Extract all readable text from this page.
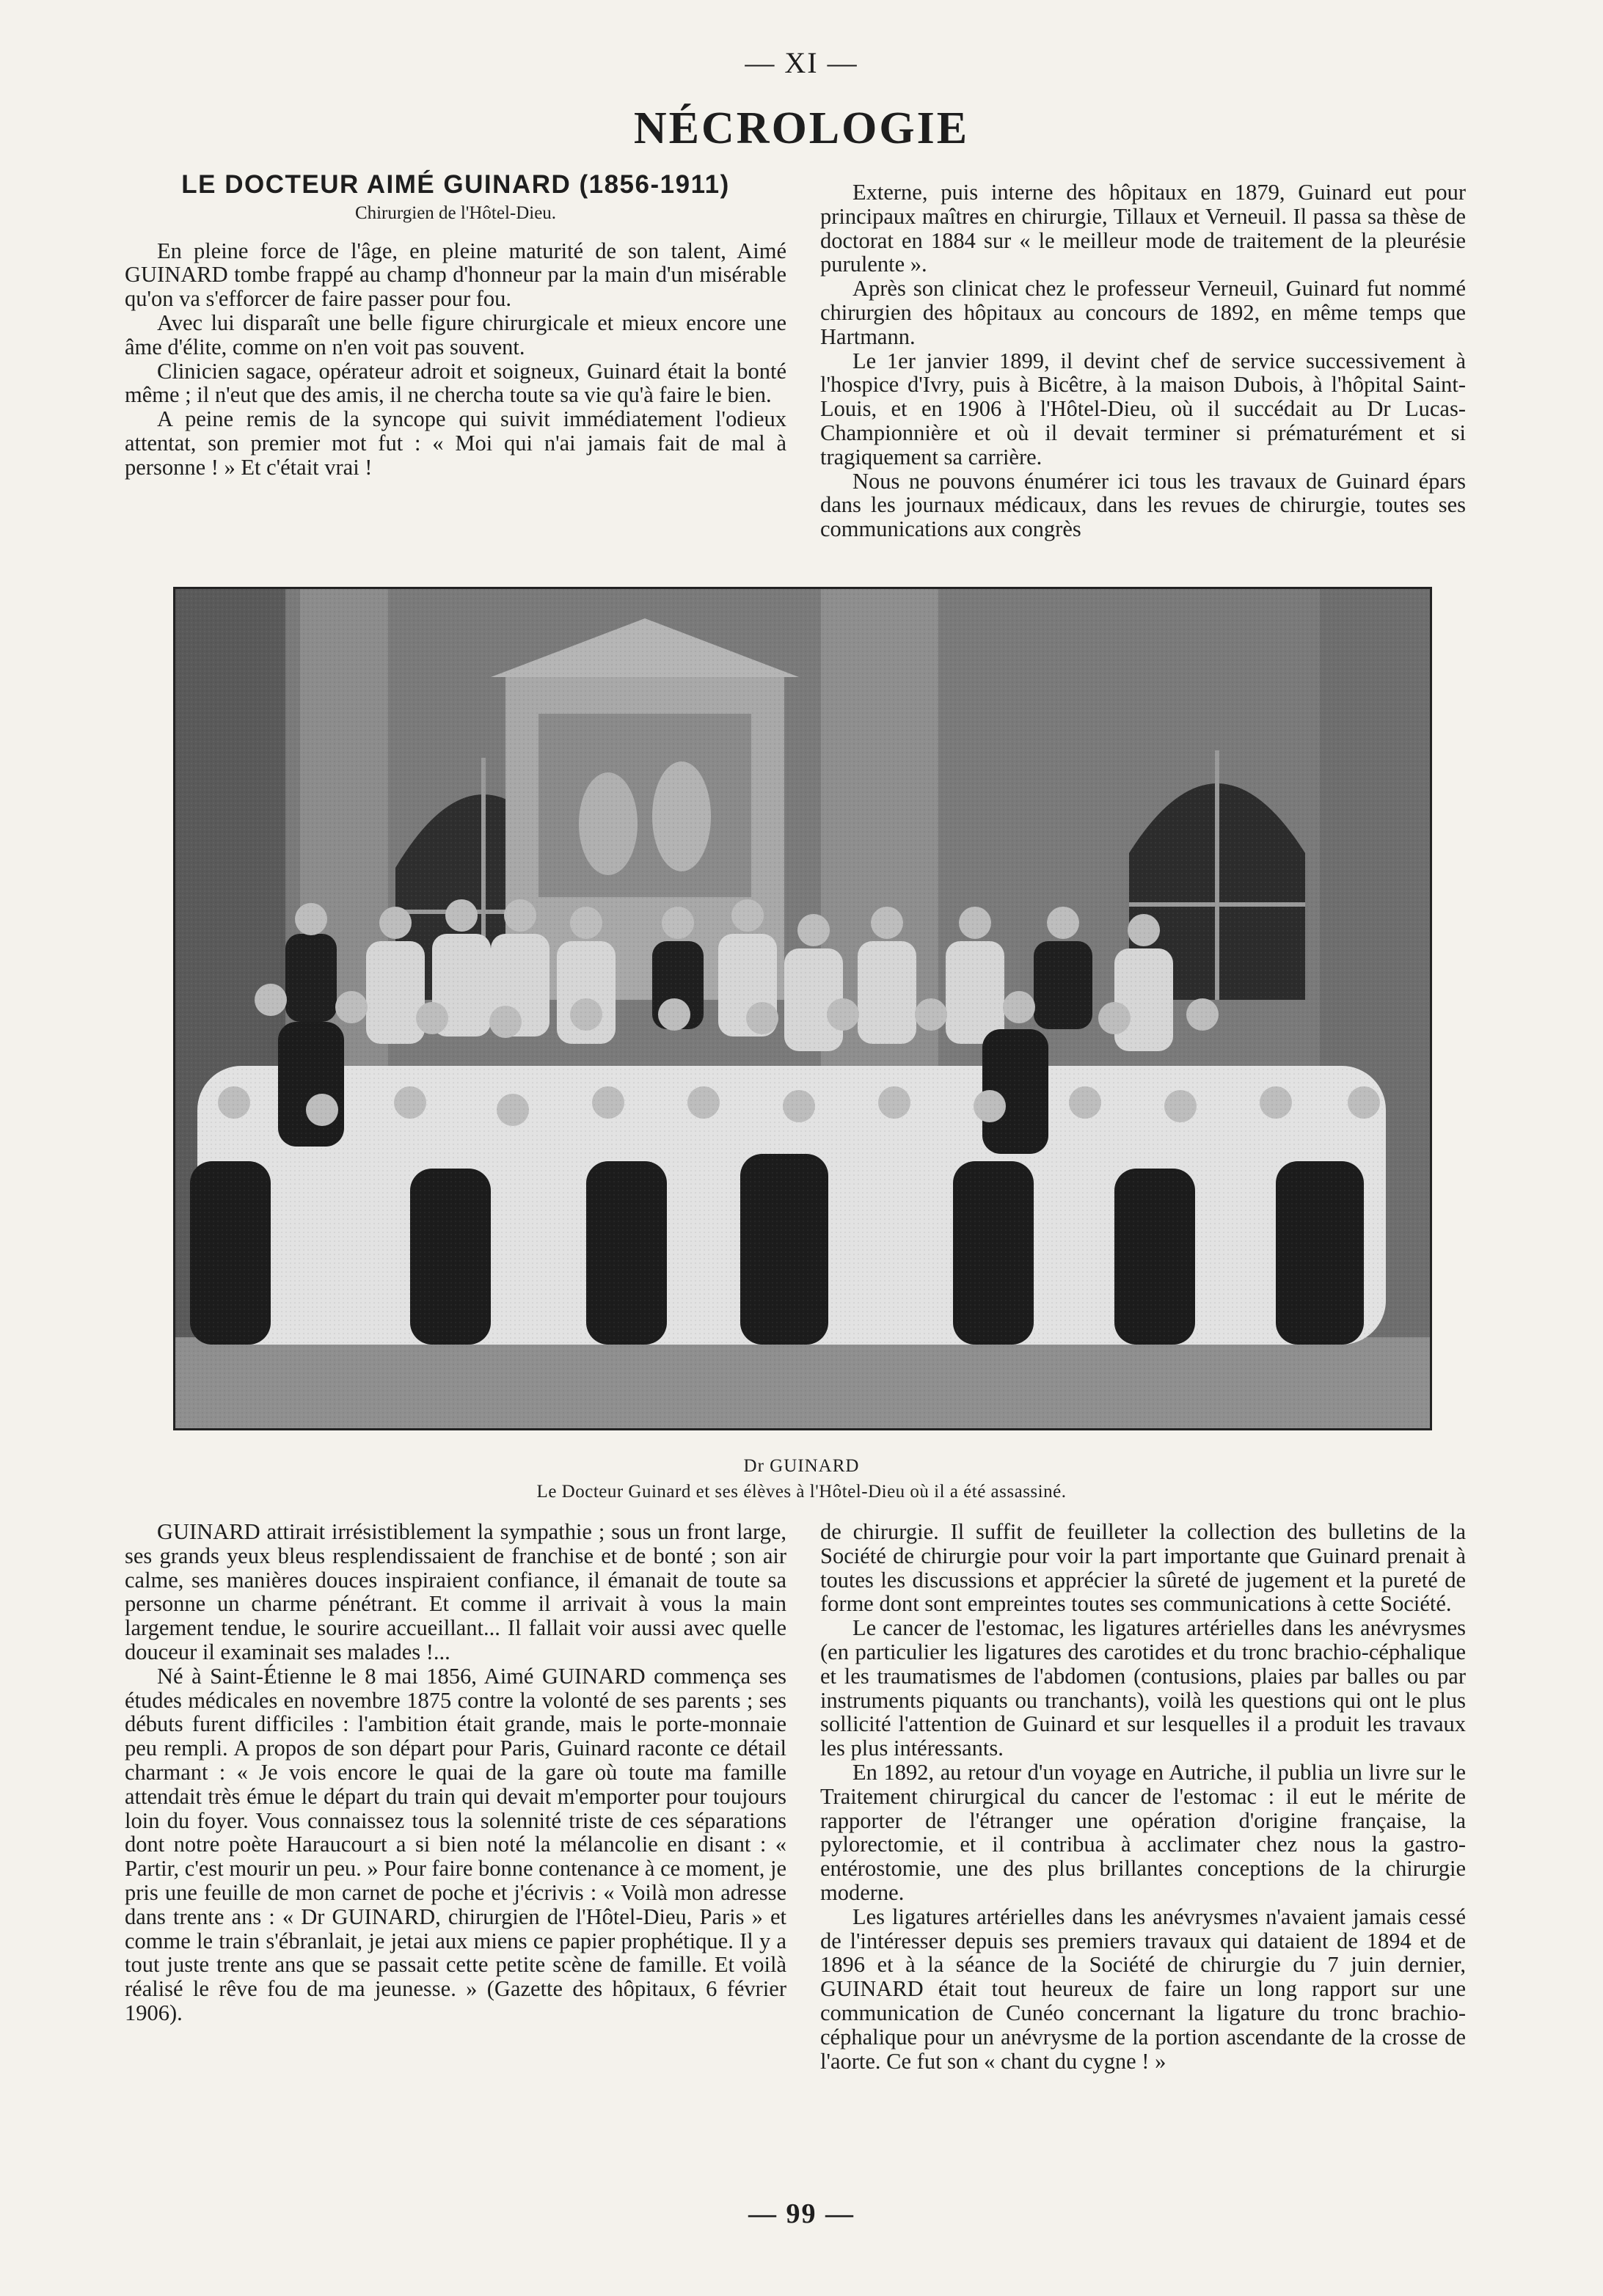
— XI —
NÉCROLOGIE
LE DOCTEUR AIMÉ GUINARD (1856-1911)
Chirurgien de l'Hôtel-Dieu.

En pleine force de l'âge, en pleine maturité de son talent, Aimé GUINARD tombe frappé au champ d'honneur par la main d'un misérable qu'on va s'efforcer de faire passer pour fou.

Avec lui disparaît une belle figure chirurgicale et mieux encore une âme d'élite, comme on n'en voit pas souvent.

Clinicien sagace, opérateur adroit et soigneux, Guinard était la bonté même ; il n'eut que des amis, il ne chercha toute sa vie qu'à faire le bien.

A peine remis de la syncope qui suivit immédiatement l'odieux attentat, son premier mot fut : « Moi qui n'ai jamais fait de mal à personne ! » Et c'était vrai !

Externe, puis interne des hôpitaux en 1879, Guinard eut pour principaux maîtres en chirurgie, Tillaux et Verneuil. Il passa sa thèse de doctorat en 1884 sur « le meilleur mode de traitement de la pleurésie purulente ».

Après son clinicat chez le professeur Verneuil, Guinard fut nommé chirurgien des hôpitaux au concours de 1892, en même temps que Hartmann.

Le 1er janvier 1899, il devint chef de service successivement à l'hospice d'Ivry, puis à Bicêtre, à la maison Dubois, à l'hôpital Saint-Louis, et en 1906 à l'Hôtel-Dieu, où il succédait au Dr Lucas-Championnière et où il devait terminer si prématurément et si tragiquement sa carrière.

Nous ne pouvons énumérer ici tous les travaux de Guinard épars dans les journaux médicaux, dans les revues de chirurgie, toutes ses communications aux congrès

Dr GUINARD
Le Docteur Guinard et ses élèves à l'Hôtel-Dieu où il a été assassiné.

GUINARD attirait irrésistiblement la sympathie ; sous un front large, ses grands yeux bleus resplendissaient de franchise et de bonté ; son air calme, ses manières douces inspiraient confiance, il émanait de toute sa personne un charme pénétrant. Et comme il arrivait à vous la main largement tendue, le sourire accueillant... Il fallait voir aussi avec quelle douceur il examinait ses malades !...

Né à Saint-Étienne le 8 mai 1856, Aimé GUINARD commença ses études médicales en novembre 1875 contre la volonté de ses parents ; ses débuts furent difficiles : l'ambition était grande, mais le porte-monnaie peu rempli. A propos de son départ pour Paris, Guinard raconte ce détail charmant : « Je vois encore le quai de la gare où toute ma famille attendait très émue le départ du train qui devait m'emporter pour toujours loin du foyer. Vous connaissez tous la solennité triste de ces séparations dont notre poète Haraucourt a si bien noté la mélancolie en disant : « Partir, c'est mourir un peu. » Pour faire bonne contenance à ce moment, je pris une feuille de mon carnet de poche et j'écrivis : « Voilà mon adresse dans trente ans : « Dr GUINARD, chirurgien de l'Hôtel-Dieu, Paris » et comme le train s'ébranlait, je jetai aux miens ce papier prophétique. Il y a tout juste trente ans que se passait cette petite scène de famille. Et voilà réalisé le rêve fou de ma jeunesse. » (Gazette des hôpitaux, 6 février 1906).

de chirurgie. Il suffit de feuilleter la collection des bulletins de la Société de chirurgie pour voir la part importante que Guinard prenait à toutes les discussions et apprécier la sûreté de jugement et la pureté de forme dont sont empreintes toutes ses communications à cette Société.

Le cancer de l'estomac, les ligatures artérielles dans les anévrysmes (en particulier les ligatures des carotides et du tronc brachio-céphalique et les traumatismes de l'abdomen (contusions, plaies par balles ou par instruments piquants ou tranchants), voilà les questions qui ont le plus sollicité l'attention de Guinard et sur lesquelles il a produit les travaux les plus intéressants.

En 1892, au retour d'un voyage en Autriche, il publia un livre sur le Traitement chirurgical du cancer de l'estomac : il eut le mérite de rapporter de l'étranger une opération d'origine française, la pylorectomie, et il contribua à acclimater chez nous la gastro-entérostomie, une des plus brillantes conceptions de la chirurgie moderne.

Les ligatures artérielles dans les anévrysmes n'avaient jamais cessé de l'intéresser depuis ses premiers travaux qui dataient de 1894 et de 1896 et à la séance de la Société de chirurgie du 7 juin dernier, GUINARD était tout heureux de faire un long rapport sur une communication de Cunéo concernant la ligature du tronc brachio-céphalique pour un anévrysme de la portion ascendante de la crosse de l'aorte. Ce fut son « chant du cygne ! »

— 99 —
